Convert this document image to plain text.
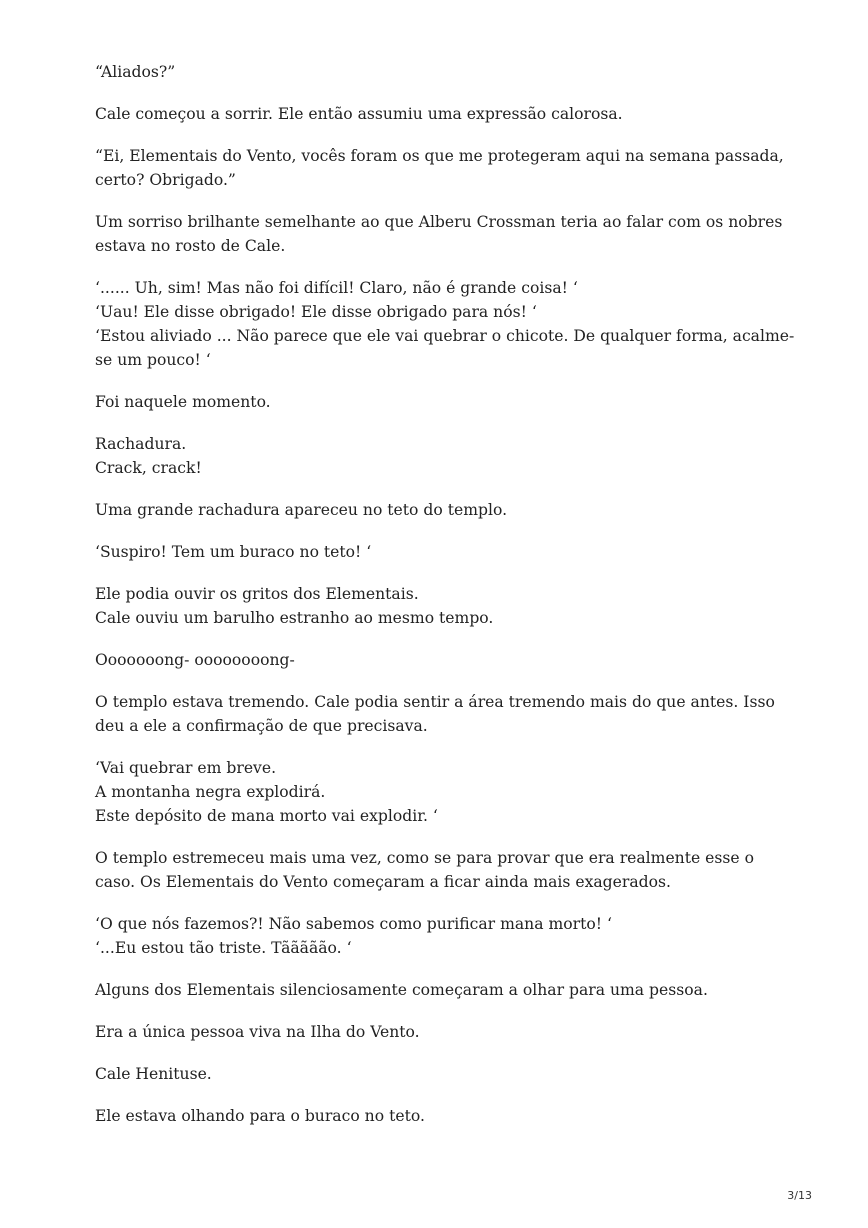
“Aliados?”

Cale começou a sorrir. Ele então assumiu uma expressão calorosa.

“Ei, Elementais do Vento, vocês foram os que me protegeram aqui na semana passada,
certo? Obrigado.”

Um sorriso brilhante semelhante ao que Alberu Crossman teria ao falar com os nobres
estava no rosto de Cale.

‘...... Uh, sim! Mas não foi difícil! Claro, não é grande coisa! ‘
‘Uau! Ele disse obrigado! Ele disse obrigado para nós! ‘
‘Estou aliviado ... Não parece que ele vai quebrar o chicote. De qualquer forma, acalme-
se um pouco! ‘

Foi naquele momento.

Rachadura.
Crack, crack!

Uma grande rachadura apareceu no teto do templo.

‘Suspiro! Tem um buraco no teto! ‘

Ele podia ouvir os gritos dos Elementais.
Cale ouviu um barulho estranho ao mesmo tempo.

Ooooooong- oooooooong-

O templo estava tremendo. Cale podia sentir a área tremendo mais do que antes. Isso
deu a ele a confirmação de que precisava.

‘Vai quebrar em breve.
A montanha negra explodirá.
Este depósito de mana morto vai explodir. ‘

O templo estremeceu mais uma vez, como se para provar que era realmente esse o
caso. Os Elementais do Vento começaram a ficar ainda mais exagerados.

‘O que nós fazemos?! Não sabemos como purificar mana morto! ‘
‘...Eu estou tão triste. Tããããão. ‘

Alguns dos Elementais silenciosamente começaram a olhar para uma pessoa.

Era a única pessoa viva na Ilha do Vento.

Cale Henituse.

Ele estava olhando para o buraco no teto.

3/13
